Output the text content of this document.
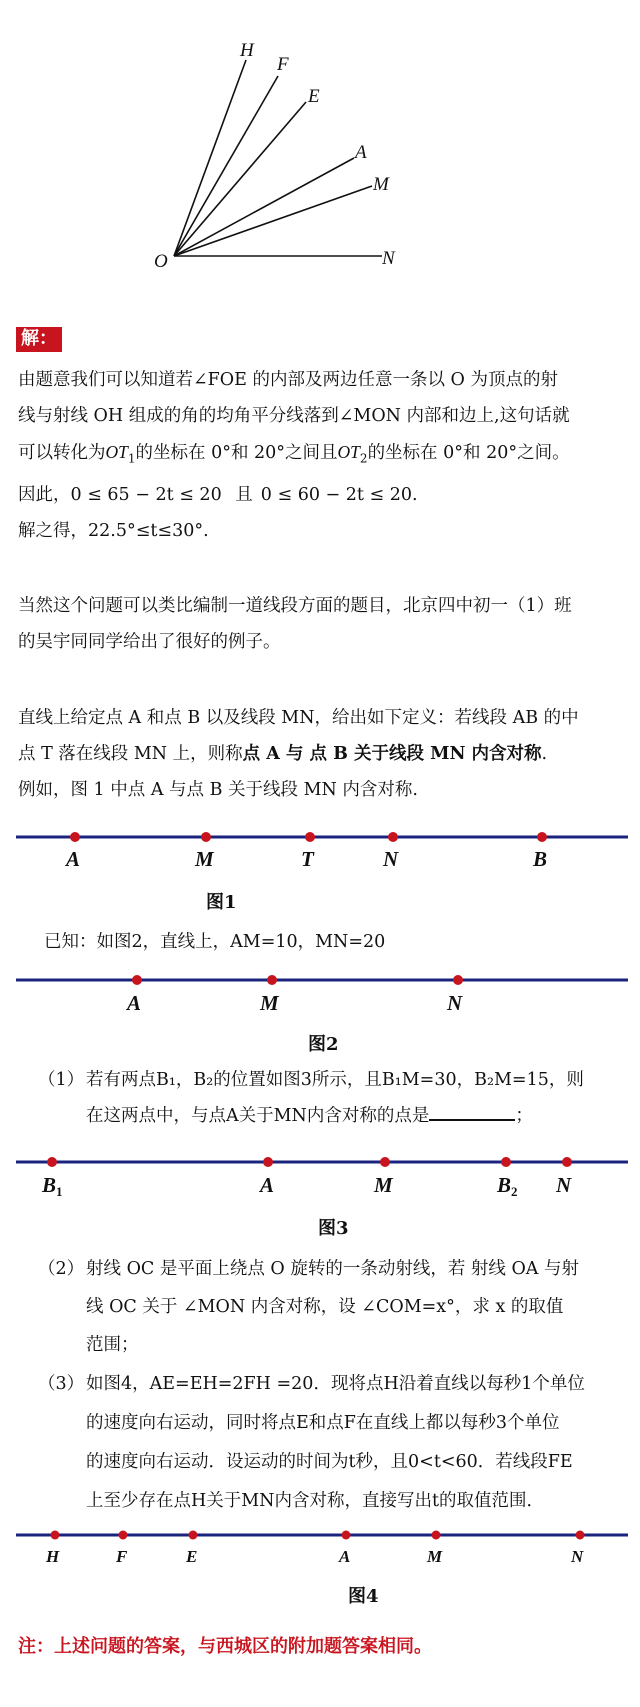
H
F
E
A
M
N
O
解：
由题意我们可以知道若∠FOE 的内部及两边任意一条以 O 为顶点的射
线与射线 OH 组成的角的均角平分线落到∠MON 内部和边上,这句话就
可以转化为$OT_1$的坐标在 0°和 20°之间且$OT_2$的坐标在 0°和 20°之间。
因此，0 ≤ 65 − 2t ≤ 20 且 0 ≤ 60 − 2t ≤ 20.
解之得，22.5°≤t≤30°.
当然这个问题可以类比编制一道线段方面的题目，北京四中初一（1）班
的吴宇同同学给出了很好的例子。
直线上给定点 A 和点 B 以及线段 MN，给出如下定义：若线段 AB 的中
点 T 落在线段 MN 上，则称点 A 与 点 B 关于线段 MN 内含对称.
例如，图 1 中点 A 与点 B 关于线段 MN 内含对称.
A	M	T	N	B
图1
已知：如图2，直线上，AM=10，MN=20
A	M	N
图2
（1） 若有两点B₁，B₂的位置如图3所示，且B₁M=30，B₂M=15，则
在这两点中，与点A关于MN内含对称的点是	；
B1	A	M	B2 N
图3
（2） 射线 OC 是平面上绕点 O 旋转的一条动射线，若 射线 OA 与射
线 OC 关于 ∠MON 内含对称，设 ∠COM=x°，求 x 的取值
范围；
（3） 如图4，AE=EH=2FH =20．现将点H沿着直线以每秒1个单位
的速度向右运动，同时将点E和点F在直线上都以每秒3个单位
的速度向右运动．设运动的时间为t秒，且0<t<60．若线段FE
上至少存在点H关于MN内含对称，直接写出t的取值范围．
H	F	E	A	M	N
图4
注：上述问题的答案，与西城区的附加题答案相同。
